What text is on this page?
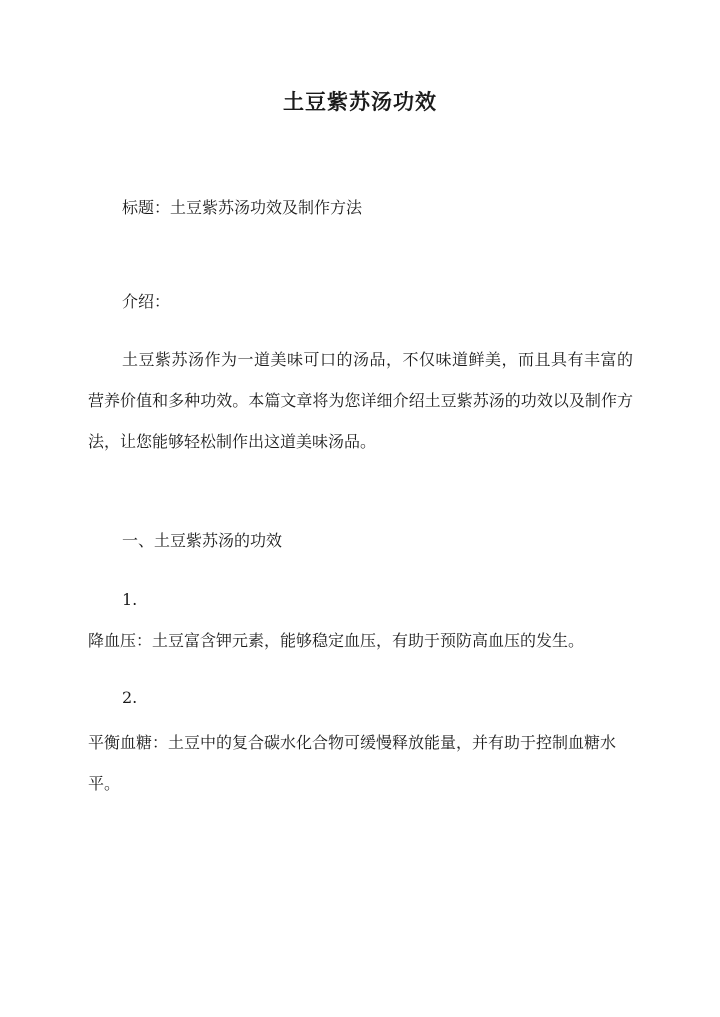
土豆紫苏汤功效
标题：土豆紫苏汤功效及制作方法
介绍：
土豆紫苏汤作为一道美味可口的汤品，不仅味道鲜美，而且具有丰富的营养价值和多种功效。本篇文章将为您详细介绍土豆紫苏汤的功效以及制作方法，让您能够轻松制作出这道美味汤品。
一、土豆紫苏汤的功效
1.
降血压：土豆富含钾元素，能够稳定血压，有助于预防高血压的发生。
2.
平衡血糖：土豆中的复合碳水化合物可缓慢释放能量，并有助于控制血糖水平。
